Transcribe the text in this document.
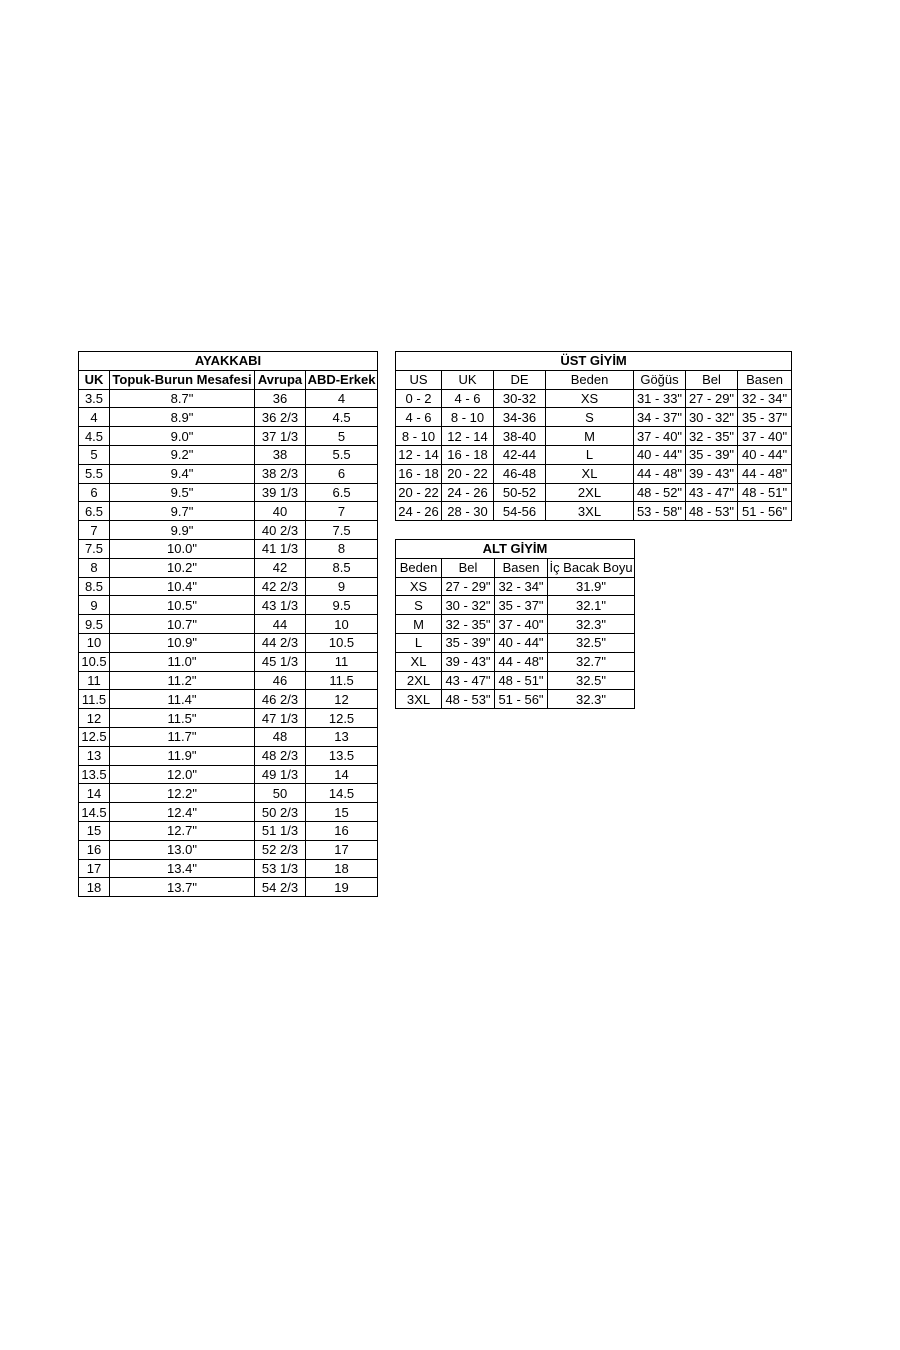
AYAKKABI			
UK	Topuk-Burun Mesafesi	Avrupa	ABD-Erkek
3.5	8.7"	36	4
4	8.9"	36 2/3	4.5
4.5	9.0"	37 1/3	5
5	9.2"	38	5.5
5.5	9.4"	38 2/3	6
6	9.5"	39 1/3	6.5
6.5	9.7"	40	7
7	9.9"	40 2/3	7.5
7.5	10.0"	41 1/3	8
8	10.2"	42	8.5
8.5	10.4"	42 2/3	9
9	10.5"	43 1/3	9.5
9.5	10.7"	44	10
10	10.9"	44 2/3	10.5
10.5	11.0"	45 1/3	11
11	11.2"	46	11.5
11.5	11.4"	46 2/3	12
12	11.5"	47 1/3	12.5
12.5	11.7"	48	13
13	11.9"	48 2/3	13.5
13.5	12.0"	49 1/3	14
14	12.2"	50	14.5
14.5	12.4"	50 2/3	15
15	12.7"	51 1/3	16
16	13.0"	52 2/3	17
17	13.4"	53 1/3	18
18	13.7"	54 2/3	19
ÜST GİYİM						
US	UK	DE	Beden	Göğüs	Bel	Basen
0 - 2	4 - 6	30-32	XS	31 - 33"	27 - 29"	32 - 34"
4 - 6	8 - 10	34-36	S	34 - 37"	30 - 32"	35 - 37"
8 - 10	12 - 14	38-40	M	37 - 40"	32 - 35"	37 - 40"
12 - 14	16 - 18	42-44	L	40 - 44"	35 - 39"	40 - 44"
16 - 18	20 - 22	46-48	XL	44 - 48"	39 - 43"	44 - 48"
20 - 22	24 - 26	50-52	2XL	48 - 52"	43 - 47"	48 - 51"
24 - 26	28 - 30	54-56	3XL	53 - 58"	48 - 53"	51 - 56"
ALT GİYİM			
Beden	Bel	Basen	İç Bacak Boyu
XS	27 - 29"	32 - 34"	31.9"
S	30 - 32"	35 - 37"	32.1"
M	32 - 35"	37 - 40"	32.3"
L	35 - 39"	40 - 44"	32.5"
XL	39 - 43"	44 - 48"	32.7"
2XL	43 - 47"	48 - 51"	32.5"
3XL	48 - 53"	51 - 56"	32.3"
